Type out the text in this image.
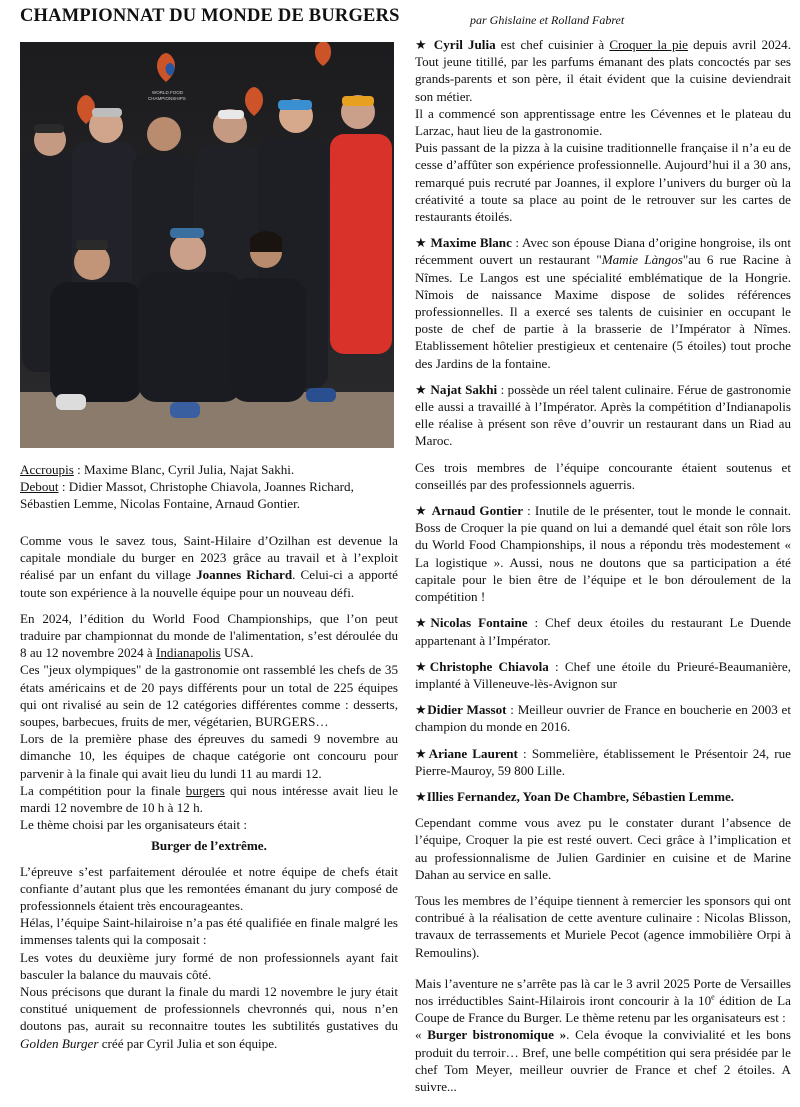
CHAMPIONNAT DU MONDE DE BURGERS	par Ghislaine et Rolland Fabret
WORLD FOOD
CHAMPIONSHIPS
Accroupis : Maxime Blanc, Cyril Julia, Najat Sakhi.
Debout : Didier Massot, Christophe Chiavola, Joannes Richard, Sébastien Lemme, Nicolas Fontaine, Arnaud Gontier.

Comme vous le savez tous, Saint-Hilaire d’Ozilhan est devenue la capitale mondiale du burger en 2023 grâce au travail et à l’exploit réalisé par un enfant du village Joannes Richard. Celui-ci a apporté toute son expérience à la nouvelle équipe pour un nouveau défi.

En 2024, l’édition du World Food Championships, que l’on peut traduire par championnat du monde de l'alimentation, s’est déroulée du 8 au 12 novembre 2024 à Indianapolis USA.

Ces "jeux olympiques" de la gastronomie ont rassemblé les chefs de 35 états américains et de 20 pays différents pour un total de 225 équipes qui ont rivalisé au sein de 12 catégories différentes comme : desserts, soupes, barbecues, fruits de mer, végétarien, BURGERS…

Lors de la première phase des épreuves du samedi 9 novembre au dimanche 10, les équipes de chaque catégorie ont concouru pour parvenir à la finale qui avait lieu du lundi 11 au mardi 12.

La compétition pour la finale burgers qui nous intéresse avait lieu le mardi 12 novembre de 10 h à 12 h.

Le thème choisi par les organisateurs était :

Burger de l’extrême.

L’épreuve s’est parfaitement déroulée et notre équipe de chefs était confiante d’autant plus que les remontées émanant du jury composé de professionnels étaient très encourageantes.

Hélas, l’équipe Saint-hilairoise n’a pas été qualifiée en finale malgré les immenses talents qui la composait :

Les votes du deuxième jury formé de non professionnels ayant fait basculer la balance du mauvais côté.

Nous précisons que durant la finale du mardi 12 novembre le jury était constitué uniquement de professionnels chevronnés qui, nous n’en doutons pas, aurait su reconnaitre toutes les subtilités gustatives du Golden Burger créé par Cyril Julia et son équipe.

★ Cyril Julia est chef cuisinier à Croquer la pie depuis avril 2024. Tout jeune titillé, par les parfums émanant des plats concoctés par ses grands-parents et son père, il était évident que la cuisine deviendrait son métier.

Il a commencé son apprentissage entre les Cévennes et le plateau du Larzac, haut lieu de la gastronomie.

Puis passant de la pizza à la cuisine traditionnelle française il n’a eu de cesse d’affûter son expérience professionnelle. Aujourd’hui il a 30 ans, remarqué puis recruté par Joannes, il explore l’univers du burger où la créativité a toute sa place au point de le retrouver sur les cartes de restaurants étoilés.

★ Maxime Blanc : Avec son épouse Diana d’origine hongroise, ils ont récemment ouvert un restaurant "Mamie Làngos"au 6 rue Racine à Nîmes. Le Langos est une spécialité emblématique de la Hongrie. Nîmois de naissance Maxime dispose de solides références professionnelles. Il a exercé ses talents de cuisinier en occupant le poste de chef de partie à la brasserie de l’Impérator à Nîmes. Etablissement hôtelier prestigieux et centenaire (5 étoiles) tout proche des Jardins de la fontaine.

★ Najat Sakhi : possède un réel talent culinaire. Férue de gastronomie elle aussi a travaillé à l’Impérator. Après la compétition d’Indianapolis elle réalise à présent son rêve d’ouvrir un restaurant dans un Riad au Maroc.

Ces trois membres de l’équipe concourante étaient soutenus et conseillés par des professionnels aguerris.

★ Arnaud Gontier : Inutile de le présenter, tout le monde le connait. Boss de Croquer la pie quand on lui a demandé quel était son rôle lors du World Food Championships, il nous a répondu très modestement « La logistique ». Aussi, nous ne doutons que sa participation a été capitale pour le bien être de l’équipe et le bon déroulement de la compétition !

★Nicolas Fontaine : Chef deux étoiles du restaurant Le Duende appartenant à l’Impérator.

★Christophe Chiavola : Chef une étoile du Prieuré-Beaumanière, implanté à Villeneuve-lès-Avignon sur

★Didier Massot : Meilleur ouvrier de France en boucherie en 2003 et champion du monde en 2016.

★Ariane Laurent : Sommelière, établissement le Présentoir 24, rue Pierre-Mauroy, 59 800 Lille.

★Illies Fernandez, Yoan De Chambre, Sébastien Lemme.

Cependant comme vous avez pu le constater durant l’absence de l’équipe, Croquer la pie est resté ouvert. Ceci grâce à l’implication et au professionnalisme de Julien Gardinier en cuisine et de Marine Dahan au service en salle.

Tous les membres de l’équipe tiennent à remercier les sponsors qui ont contribué à la réalisation de cette aventure culinaire : Nicolas Blisson, travaux de terrassements et Muriele Pecot (agence immobilière Orpi à Remoulins).

Mais l’aventure ne s’arrête pas là car le 3 avril 2025 Porte de Versailles nos irréductibles Saint-Hilairois iront concourir à la 10e édition de La Coupe de France du Burger. Le thème retenu par les organisateurs est :

« Burger bistronomique ». Cela évoque la convivialité et les bons produit du terroir… Bref, une belle compétition qui sera présidée par le chef Tom Meyer, meilleur ouvrier de France et chef 2 étoiles. A suivre...
